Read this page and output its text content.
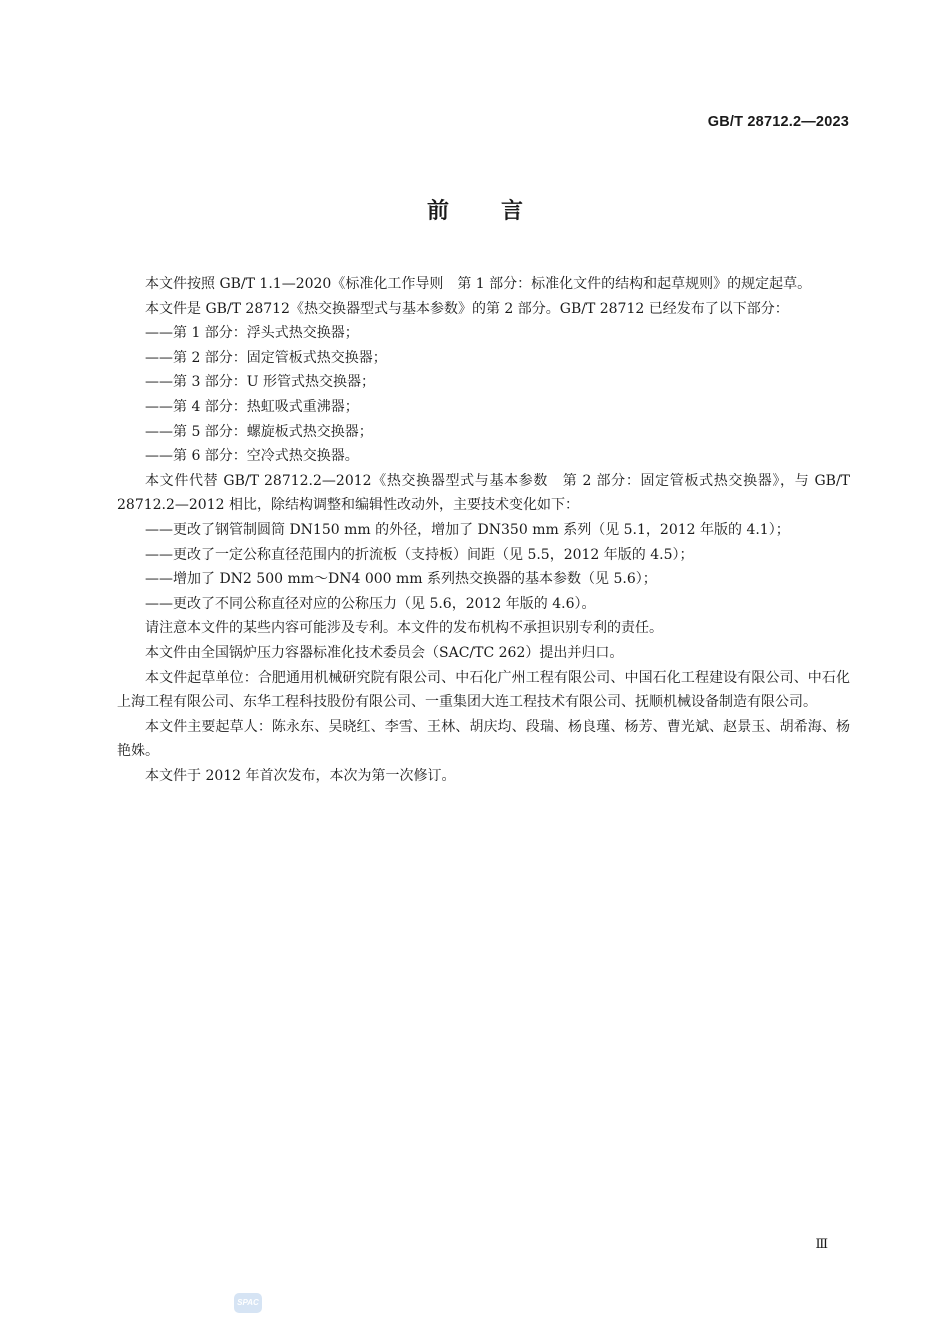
GB/T 28712.2—2023
前言

本文件按照 GB/T 1.1—2020《标准化工作导则　第 1 部分：标准化文件的结构和起草规则》的规定起草。

本文件是 GB/T 28712《热交换器型式与基本参数》的第 2 部分。GB/T 28712 已经发布了以下部分：

——第 1 部分：浮头式热交换器；

——第 2 部分：固定管板式热交换器；

——第 3 部分：U 形管式热交换器；

——第 4 部分：热虹吸式重沸器；

——第 5 部分：螺旋板式热交换器；

——第 6 部分：空冷式热交换器。

本文件代替 GB/T 28712.2—2012《热交换器型式与基本参数　第 2 部分：固定管板式热交换器》，与 GB/T 28712.2—2012 相比，除结构调整和编辑性改动外，主要技术变化如下：

——更改了钢管制圆筒 DN150 mm 的外径，增加了 DN350 mm 系列（见 5.1，2012 年版的 4.1）；

——更改了一定公称直径范围内的折流板（支持板）间距（见 5.5，2012 年版的 4.5）；

——增加了 DN2 500 mm～DN4 000 mm 系列热交换器的基本参数（见 5.6）；

——更改了不同公称直径对应的公称压力（见 5.6，2012 年版的 4.6）。

请注意本文件的某些内容可能涉及专利。本文件的发布机构不承担识别专利的责任。

本文件由全国锅炉压力容器标准化技术委员会（SAC/TC 262）提出并归口。

本文件起草单位：合肥通用机械研究院有限公司、中石化广州工程有限公司、中国石化工程建设有限公司、中石化上海工程有限公司、东华工程科技股份有限公司、一重集团大连工程技术有限公司、抚顺机械设备制造有限公司。

本文件主要起草人：陈永东、吴晓红、李雪、王林、胡庆均、段瑞、杨良瑾、杨芳、曹光斌、赵景玉、胡希海、杨艳姝。

本文件于 2012 年首次发布，本次为第一次修订。

Ⅲ
SPAC
